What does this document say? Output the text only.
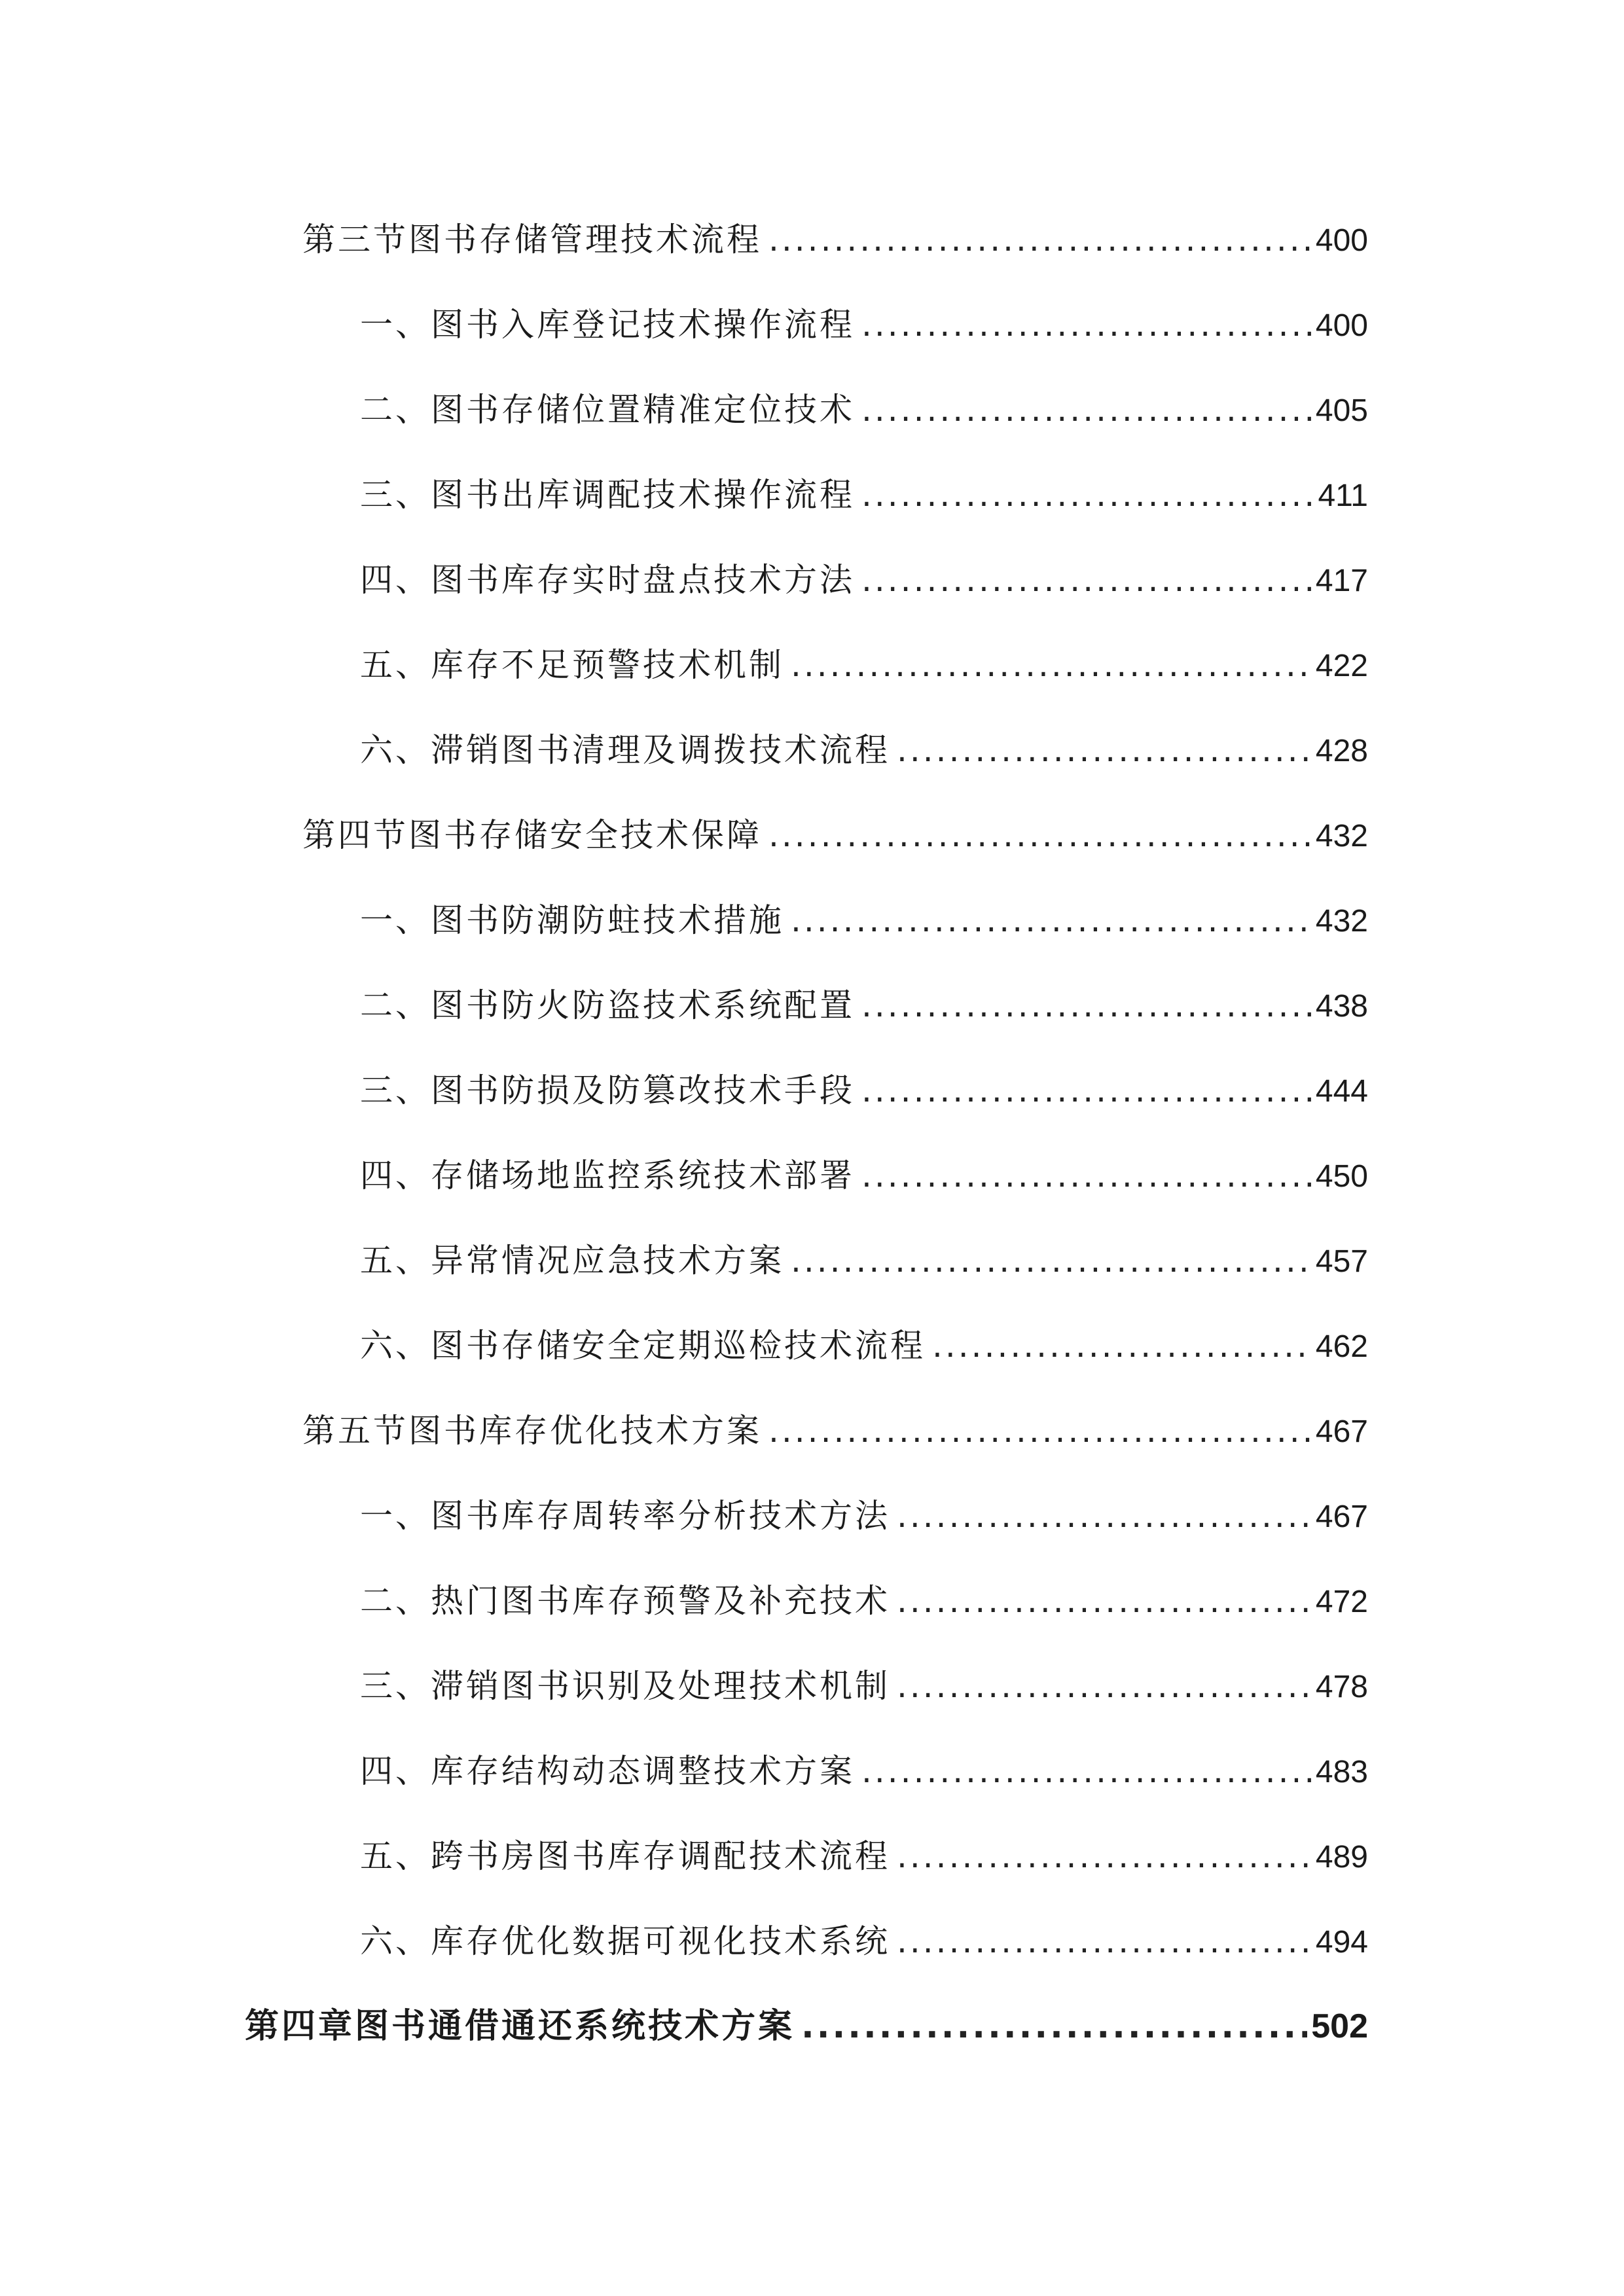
第三节图书存储管理技术流程 .....	400
一、图书入库登记技术操作流程 .....	400
二、图书存储位置精准定位技术 .....	405
三、图书出库调配技术操作流程 .....	411
四、图书库存实时盘点技术方法 .....	417
五、库存不足预警技术机制 .....	422
六、滞销图书清理及调拨技术流程 .....	428
第四节图书存储安全技术保障 .....	432
一、图书防潮防蛀技术措施 .....	432
二、图书防火防盗技术系统配置 .....	438
三、图书防损及防篡改技术手段 .....	444
四、存储场地监控系统技术部署 .....	450
五、异常情况应急技术方案 .....	457
六、图书存储安全定期巡检技术流程 .....	462
第五节图书库存优化技术方案 .....	467
一、图书库存周转率分析技术方法 .....	467
二、热门图书库存预警及补充技术 .....	472
三、滞销图书识别及处理技术机制 .....	478
四、库存结构动态调整技术方案 .....	483
五、跨书房图书库存调配技术流程 .....	489
六、库存优化数据可视化技术系统 .....	494
第四章图书通借通还系统技术方案 .....	502
